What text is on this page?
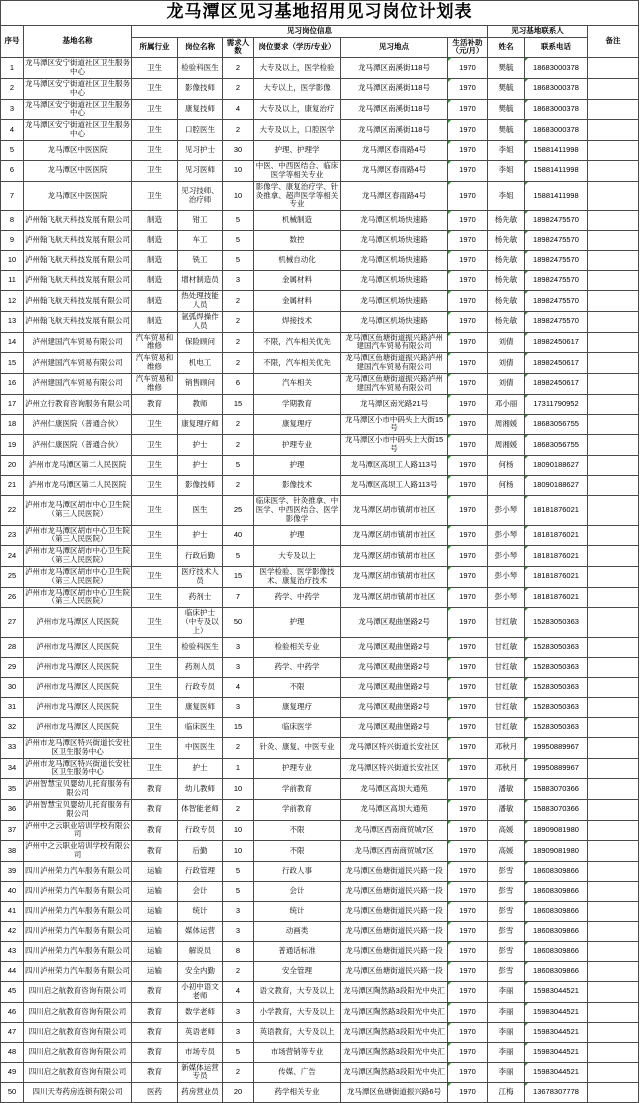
龙马潭区见习基地招用见习岗位计划表										
序号	基地名称	见习岗位信息						见习基地联系人		备注
		所属行业	岗位名称	需求人数	岗位要求（学历/专业）	见习地点	生活补助（元/月）	姓名	联系电话	
1	龙马潭区安宁街道社区卫生服务中心	卫生	检验科医生	2	大专及以上，医学检验	龙马潭区南溪街118号	1970	樊毓	18683000378	
2	龙马潭区安宁街道社区卫生服务中心	卫生	影像技师	2	大专以上，医学影像	龙马潭区南溪街118号	1970	樊毓	18683000378	
3	龙马潭区安宁街道社区卫生服务中心	卫生	康复技师	4	大专及以上，康复治疗	龙马潭区南溪街118号	1970	樊毓	18683000378	
4	龙马潭区安宁街道社区卫生服务中心	卫生	口腔医生	2	大专及以上，口腔医学	龙马潭区南溪街118号	1970	樊毓	18683000378	
5	龙马潭区中医医院	卫生	见习护士	30	护理、护理学	龙马潭区春雨路4号	1970	李姐	15881411998	
6	龙马潭区中医医院	卫生	见习医师	10	中医、中西医结合、临床医学等相关专业	龙马潭区春雨路4号	1970	李姐	15881411998	
7	龙马潭区中医医院	卫生	见习技师、治疗师	10	影像学、康复治疗学、针灸推拿、超声医学等相关专业	龙马潭区春雨路4号	1970	李姐	15881411998	
8	泸州翰飞航天科技发展有限公司	制造	钳工	5	机械制造	龙马潭区机场快速路	1970	杨先敏	18982475570	
9	泸州翰飞航天科技发展有限公司	制造	车工	5	数控	龙马潭区机场快速路	1970	杨先敏	18982475570	
10	泸州翰飞航天科技发展有限公司	制造	铣工	5	机械自动化	龙马潭区机场快速路	1970	杨先敏	18982475570	
11	泸州翰飞航天科技发展有限公司	制造	增材制造员	3	金属材料	龙马潭区机场快速路	1970	杨先敏	18982475570	
12	泸州翰飞航天科技发展有限公司	制造	热处理技能人员	2	金属材料	龙马潭区机场快速路	1970	杨先敏	18982475570	
13	泸州翰飞航天科技发展有限公司	制造	氩弧焊操作人员	2	焊接技术	龙马潭区机场快速路	1970	杨先敏	18982475570	
14	泸州建国汽车贸易有限公司	汽车贸易和维修	保险顾问	2	不限，汽车相关优先	龙马潭区鱼塘街道振兴路泸州建国汽车贸易有限公司	1970	刘倩	18982450617	
15	泸州建国汽车贸易有限公司	汽车贸易和维修	机电工	2	不限，汽车相关优先	龙马潭区鱼塘街道振兴路泸州建国汽车贸易有限公司	1970	刘倩	18982450617	
16	泸州建国汽车贸易有限公司	汽车贸易和维修	销售顾问	6	汽车相关	龙马潭区鱼塘街道振兴路泸州建国汽车贸易有限公司	1970	刘倩	18982450617	
17	泸州立行教育咨询服务有限公司	教育	教师	15	学期教育	龙马潭区南光路21号	1970	邓小丽	17311790952	
18	泸州仁康医院（普通合伙）	卫生	康复理疗师	2	康复理疗	龙马潭区小市中码头上大街15号	1970	周湘媛	18683056755	
19	泸州仁康医院（普通合伙）	卫生	护士	2	护理专业	龙马潭区小市中码头上大街15号	1970	周湘媛	18683056755	
20	泸州市龙马潭区第二人民医院	卫生	护士	5	护理	龙马潭区高坝工人路113号	1970	何杨	18090188627	
21	泸州市龙马潭区第二人民医院	卫生	影像技师	2	影像技术	龙马潭区高坝工人路113号	1970	何杨	18090188627	
22	泸州市龙马潭区胡市中心卫生院（第三人民医院）	卫生	医生	25	临床医学、针灸推拿、中医学、中西医结合、医学影像学	龙马潭区胡市镇胡市社区	1970	彭小琴	18181876021	
23	泸州市龙马潭区胡市中心卫生院（第三人民医院）	卫生	护士	40	护理	龙马潭区胡市镇胡市社区	1970	彭小琴	18181876021	
24	泸州市龙马潭区胡市中心卫生院（第三人民医院）	卫生	行政后勤	5	大专及以上	龙马潭区胡市镇胡市社区	1970	彭小琴	18181876021	
25	泸州市龙马潭区胡市中心卫生院（第三人民医院）	卫生	医疗技术人员	15	医学检验、医学影像技术、康复治疗技术	龙马潭区胡市镇胡市社区	1970	彭小琴	18181876021	
26	泸州市龙马潭区胡市中心卫生院（第三人民医院）	卫生	药剂士	7	药学、中药学	龙马潭区胡市镇胡市社区	1970	彭小琴	18181876021	
27	泸州市龙马潭区人民医院	卫生	临床护士（中专及以上）	50	护理	龙马潭区观曲堡路2号	1970	甘红敏	15283050363	
28	泸州市龙马潭区人民医院	卫生	检验科医生	3	检验相关专业	龙马潭区观曲堡路2号	1970	甘红敏	15283050363	
29	泸州市龙马潭区人民医院	卫生	药剂人员	3	药学、中药学	龙马潭区观曲堡路2号	1970	甘红敏	15283050363	
30	泸州市龙马潭区人民医院	卫生	行政专员	4	不限	龙马潭区观曲堡路2号	1970	甘红敏	15283050363	
31	泸州市龙马潭区人民医院	卫生	康复医师	3	康复理疗	龙马潭区观曲堡路2号	1970	甘红敏	15283050363	
32	泸州市龙马潭区人民医院	卫生	临床医生	15	临床医学	龙马潭区观曲堡路2号	1970	甘红敏	15283050363	
33	泸州市龙马潭区特兴街道长安社区卫生服务中心	卫生	中医医生	2	针灸、康复、中医专业	龙马潭区特兴街道长安社区	1970	邓秋月	19950889967	
34	泸州市龙马潭区特兴街道长安社区卫生服务中心	卫生	护士	1	护理专业	龙马潭区特兴街道长安社区	1970	邓秋月	19950889967	
35	泸州智慧宝贝婴幼儿托育服务有限公司	教育	幼儿教师	10	学前教育	龙马潭区高坝大通苑	1970	潘敏	15883070366	
36	泸州智慧宝贝婴幼儿托育服务有限公司	教育	体智能老师	2	学前教育	龙马潭区高坝大通苑	1970	潘敏	15883070366	
37	泸州中之云职业培训学校有限公司	教育	行政专员	10	不限	龙马潭区西南商贸城7区	1970	高媛	18909081980	
38	泸州中之云职业培训学校有限公司	教育	后勤	10	不限	龙马潭区西南商贸城7区	1970	高媛	18909081980	
39	四川泸州荣力汽车服务有限公司	运输	行政管理	5	行政人事	龙马潭区鱼塘街道民兴路一段	1970	彭雪	18608309866	
40	四川泸州荣力汽车服务有限公司	运输	会计	5	会计	龙马潭区鱼塘街道民兴路一段	1970	彭雪	18608309866	
41	四川泸州荣力汽车服务有限公司	运输	统计	3	统计	龙马潭区鱼塘街道民兴路一段	1970	彭雪	18608309866	
42	四川泸州荣力汽车服务有限公司	运输	媒体运营	3	动画类	龙马潭区鱼塘街道民兴路一段	1970	彭雪	18608309866	
43	四川泸州荣力汽车服务有限公司	运输	解说员	8	普通话标准	龙马潭区鱼塘街道民兴路一段	1970	彭雪	18608309866	
44	四川泸州荣力汽车服务有限公司	运输	安全内勤	2	安全管理	龙马潭区鱼塘街道民兴路一段	1970	彭雪	18608309866	
45	四川启之航教育咨询有限公司	教育	小初中语文老师	4	语文教育，大专及以上	龙马潭区陶然路3段阳光中央汇	1970	李丽	15983044521	
46	四川启之航教育咨询有限公司	教育	数学老师	3	小学教育，大专及以上	龙马潭区陶然路3段阳光中央汇	1970	李丽	15983044521	
47	四川启之航教育咨询有限公司	教育	英语老师	3	英语教育，大专及以上	龙马潭区陶然路3段阳光中央汇	1970	李丽	15983044521	
48	四川启之航教育咨询有限公司	教育	市场专员	5	市场营销等专业	龙马潭区陶然路3段阳光中央汇	1970	李丽	15983044521	
49	四川启之航教育咨询有限公司	教育	新媒体运营专员	2	传媒、广告	龙马潭区陶然路3段阳光中央汇	1970	李丽	15983044521	
50	四川天寿药房连锁有限公司	医药	药房营业员	20	药学相关专业	龙马潭区鱼塘街道振兴路6号	1970	江梅	13678307778	
